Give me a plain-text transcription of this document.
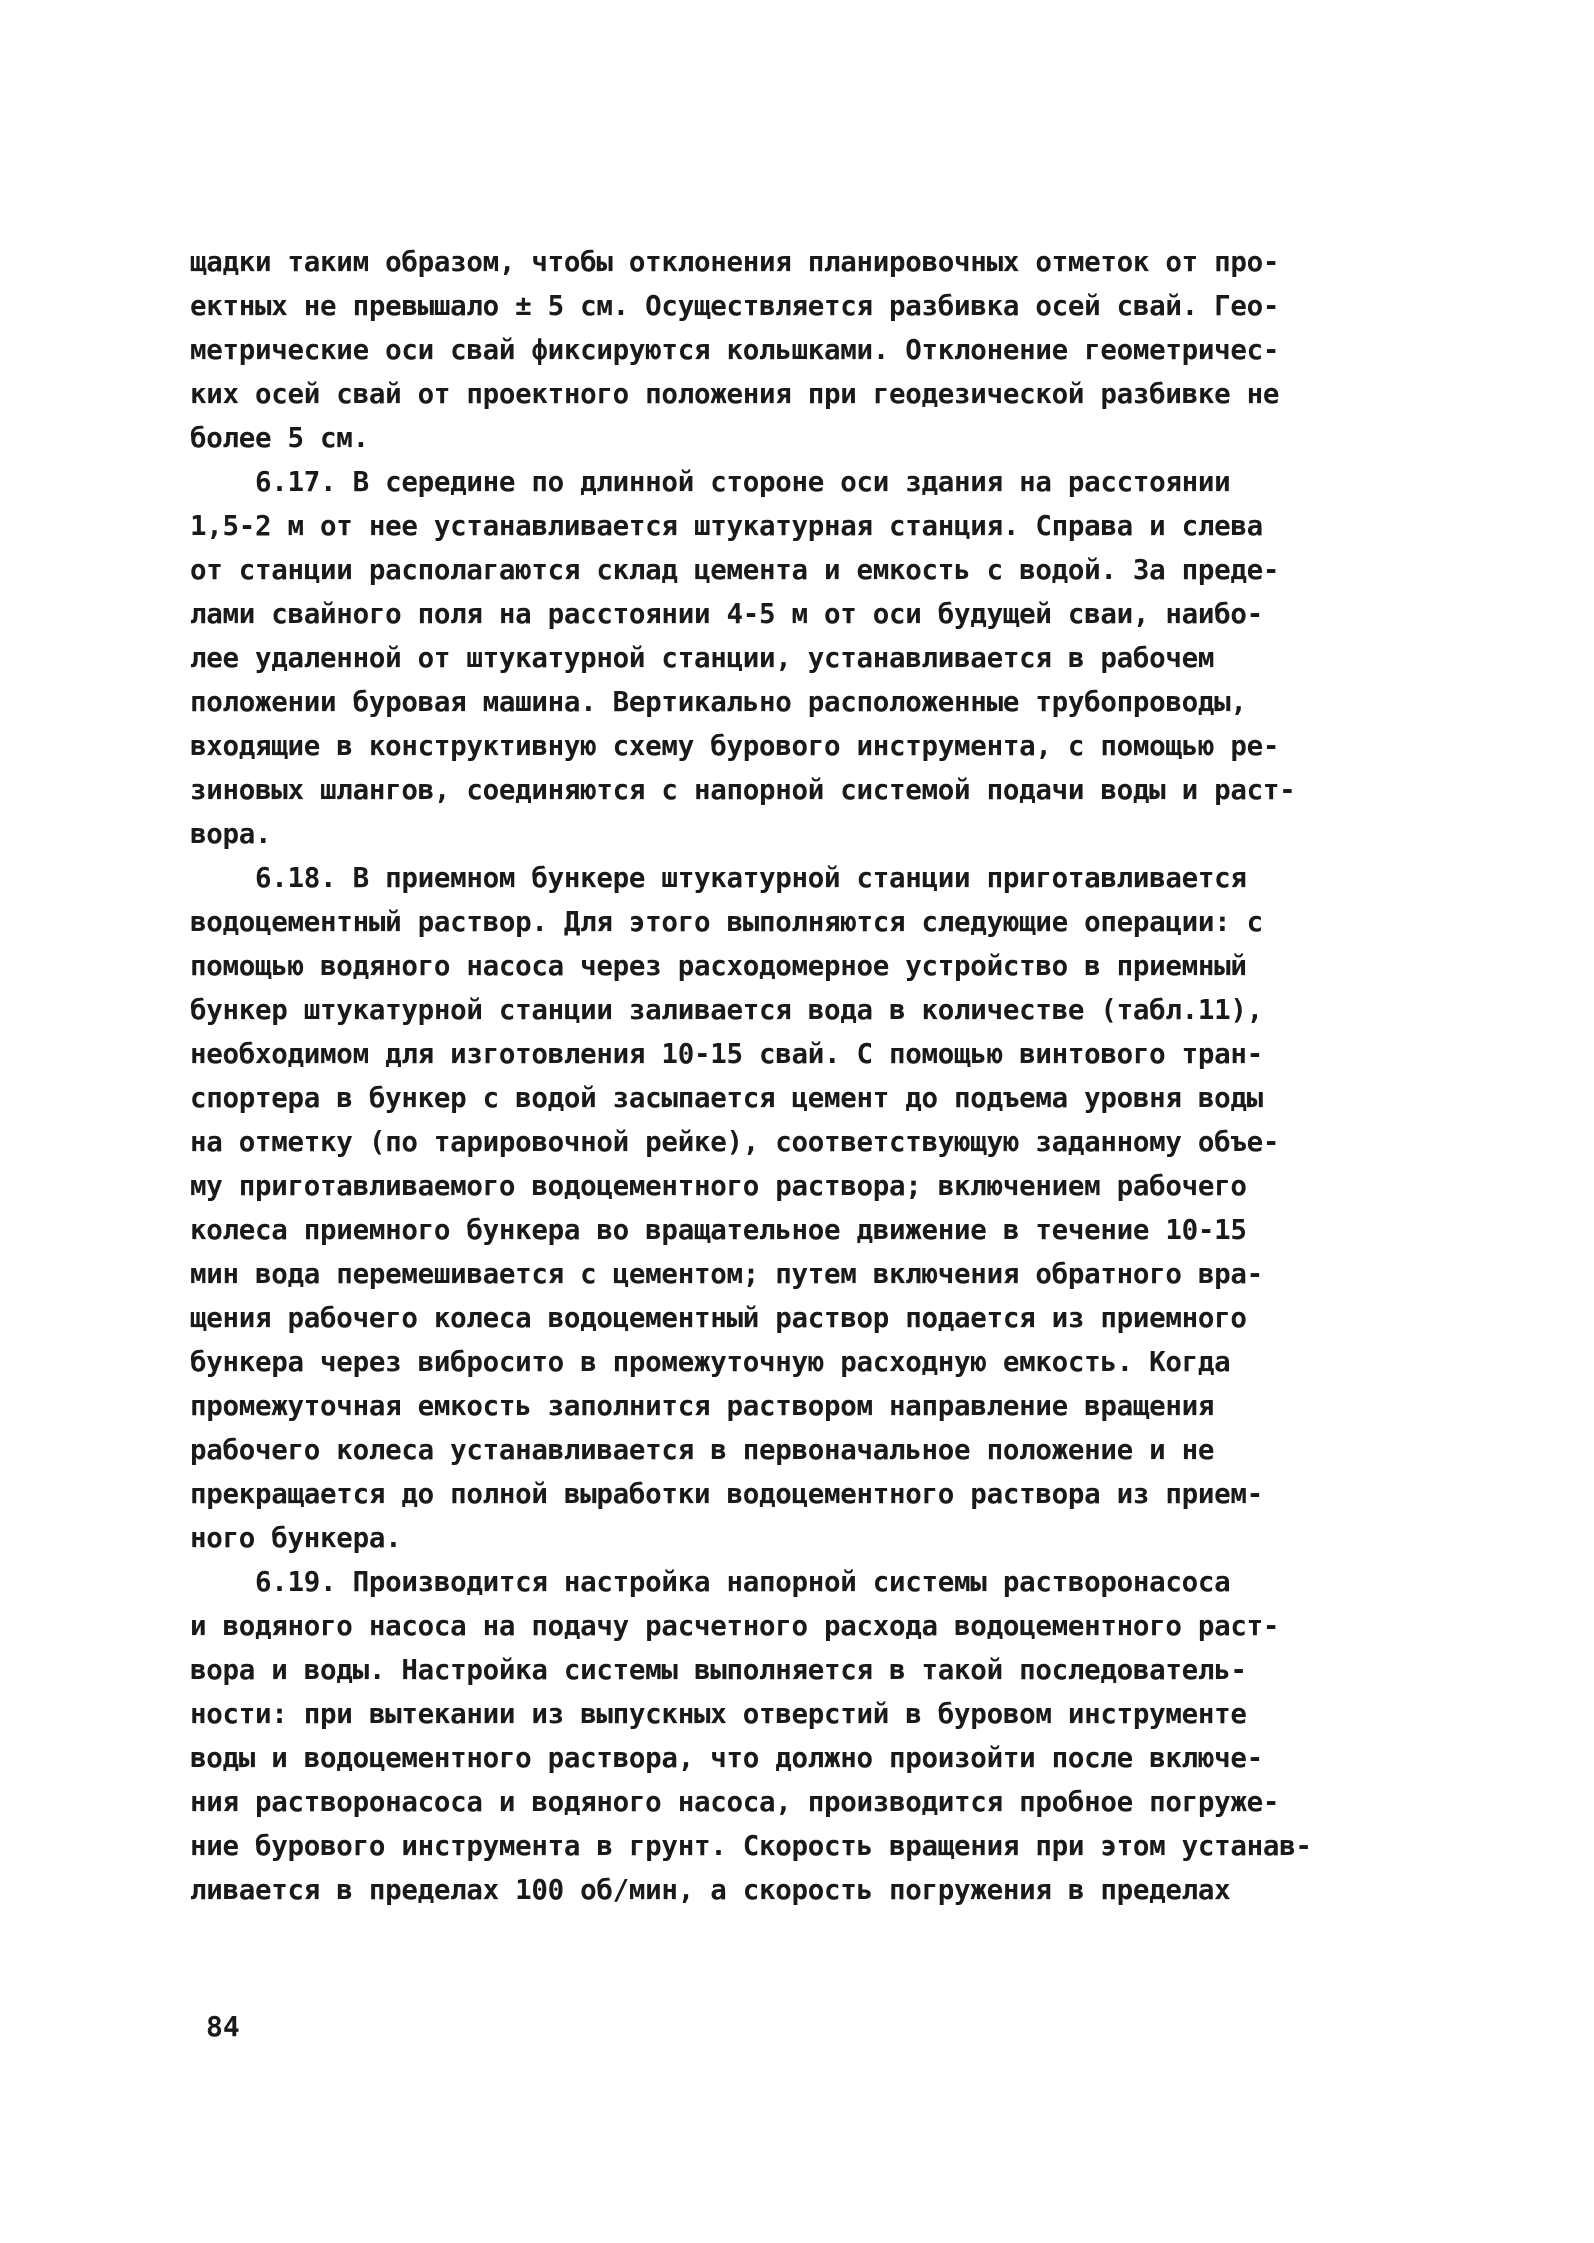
щадки таким образом, чтобы отклонения планировочных отметок от про-
ектных не превышало ± 5 см. Осуществляется разбивка осей свай. Гео-
метрические оси свай фиксируются кольшками. Отклонение геометричес-
ких осей свай от проектного положения при геодезической разбивке не
более 5 см.
6.17. В середине по длинной стороне оси здания на расстоянии
1,5-2 м от нее устанавливается штукатурная станция. Справа и слева
от станции располагаются склад цемента и емкость с водой. За преде-
лами свайного поля на расстоянии 4-5 м от оси будущей сваи, наибо-
лее удаленной от штукатурной станции, устанавливается в рабочем
положении буровая машина. Вертикально расположенные трубопроводы,
входящие в конструктивную схему бурового инструмента, с помощью ре-
зиновых шлангов, соединяются с напорной системой подачи воды и раст-
вора.
6.18. В приемном бункере штукатурной станции приготавливается
водоцементный раствор. Для этого выполняются следующие операции: с
помощью водяного насоса через расходомерное устройство в приемный
бункер штукатурной станции заливается вода в количестве (табл.11),
необходимом для изготовления 10-15 свай. С помощью винтового тран-
спортера в бункер с водой засыпается цемент до подъема уровня воды
на отметку (по тарировочной рейке), соответствующую заданному объе-
му приготавливаемого водоцементного раствора; включением рабочего
колеса приемного бункера во вращательное движение в течение 10-15
мин вода перемешивается с цементом; путем включения обратного вра-
щения рабочего колеса водоцементный раствор подается из приемного
бункера через вибросито в промежуточную расходную емкость. Когда
промежуточная емкость заполнится раствором направление вращения
рабочего колеса устанавливается в первоначальное положение и не
прекращается до полной выработки водоцементного раствора из прием-
ного бункера.
6.19. Производится настройка напорной системы растворонасоса
и водяного насоса на подачу расчетного расхода водоцементного раст-
вора и воды. Настройка системы выполняется в такой последователь-
ности: при вытекании из выпускных отверстий в буровом инструменте
воды и водоцементного раствора, что должно произойти после включе-
ния растворонасоса и водяного насоса, производится пробное погруже-
ние бурового инструмента в грунт. Скорость вращения при этом устанав-
ливается в пределах 100 об/мин, а скорость погружения в пределах
84
